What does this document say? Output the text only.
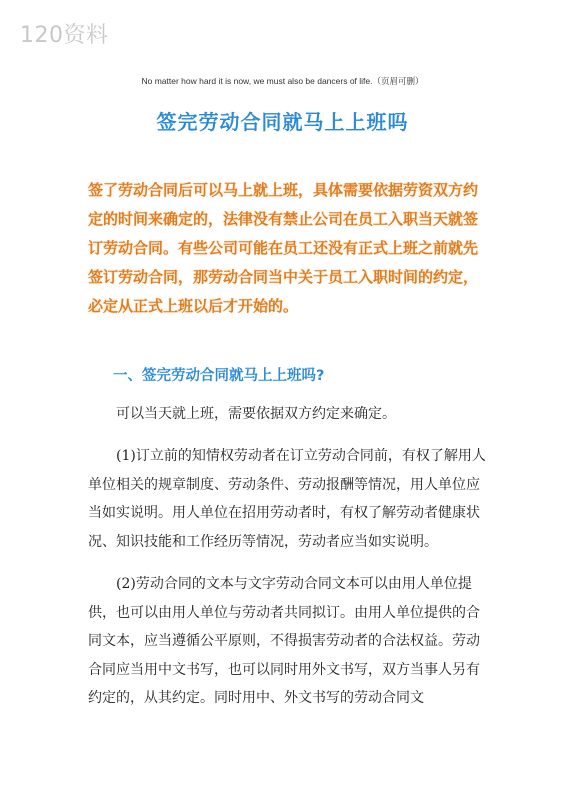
120资料
No matter how hard it is now, we must also be dancers of life.（页眉可删）
签完劳动合同就马上上班吗
签了劳动合同后可以马上就上班，具体需要依据劳资双方约定的时间来确定的，法律没有禁止公司在员工入职当天就签订劳动合同。有些公司可能在员工还没有正式上班之前就先签订劳动合同，那劳动合同当中关于员工入职时间的约定，必定从正式上班以后才开始的。
一、签完劳动合同就马上上班吗?
可以当天就上班，需要依据双方约定来确定。
(1)订立前的知情权劳动者在订立劳动合同前，有权了解用人单位相关的规章制度、劳动条件、劳动报酬等情况，用人单位应当如实说明。用人单位在招用劳动者时，有权了解劳动者健康状况、知识技能和工作经历等情况，劳动者应当如实说明。
(2)劳动合同的文本与文字劳动合同文本可以由用人单位提供，也可以由用人单位与劳动者共同拟订。由用人单位提供的合同文本，应当遵循公平原则，不得损害劳动者的合法权益。劳动合同应当用中文书写，也可以同时用外文书写，双方当事人另有约定的，从其约定。同时用中、外文书写的劳动合同文
